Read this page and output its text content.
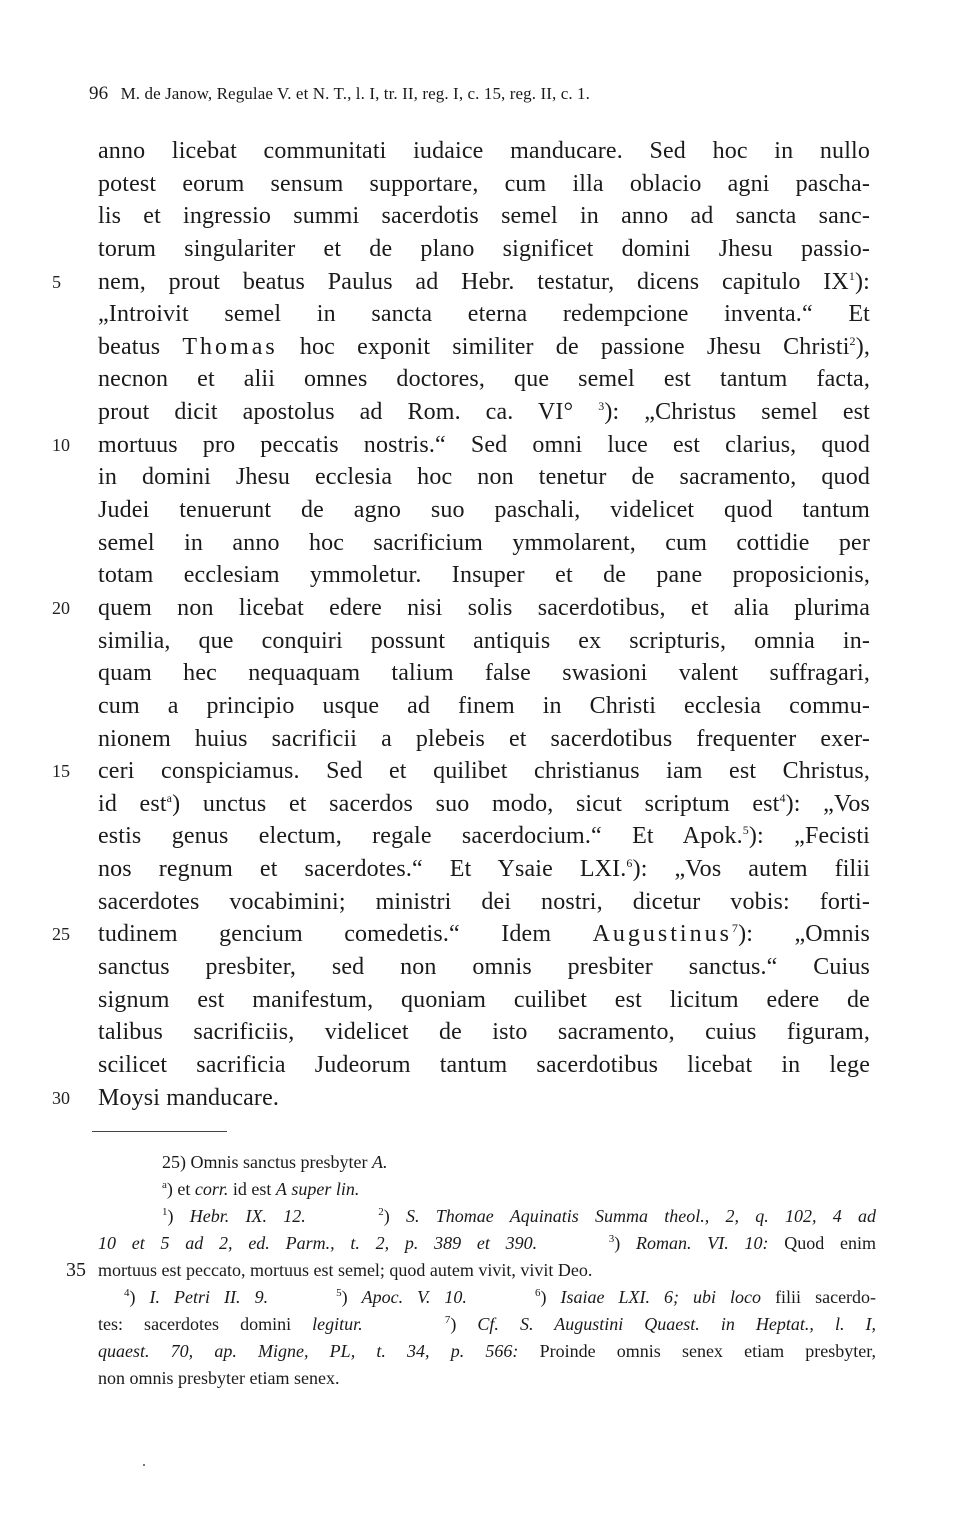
96 M. de Janow, Regulae V. et N. T., l. I, tr. II, reg. I, c. 15, reg. II, c. 1.
anno licebat communitati iudaice manducare. Sed hoc in nullo
potest eorum sensum supportare, cum illa oblacio agni pascha-
lis et ingressio summi sacerdotis semel in anno ad sancta sanc-
torum singulariter et de plano significet domini Jhesu passio-
5	nem, prout beatus Paulus ad Hebr. testatur, dicens capitulo $IX^1$):
„Introivit semel in sancta eterna redempcione inventa.“ Et
beatus Thomas hoc exponit similiter de passione Jhesu Christi$^2$),
necnon et alii omnes doctores, que semel est tantum facta,
prout dicit apostolus ad Rom. ca. VI° $^3$): „Christus semel est
10	mortuus pro peccatis nostris.“ Sed omni luce est clarius, quod
in domini Jhesu ecclesia hoc non tenetur de sacramento, quod
Judei tenuerunt de agno suo paschali, videlicet quod tantum
semel in anno hoc sacrificium ymmolarent, cum cottidie per
totam ecclesiam ymmoletur. Insuper et de pane proposicionis,
20	quem non licebat edere nisi solis sacerdotibus, et alia plurima
similia, que conquiri possunt antiquis ex scripturis, omnia in-
quam hec nequaquam talium false swasioni valent suffragari,
cum a principio usque ad finem in Christi ecclesia commu-
nionem huius sacrificii a plebeis et sacerdotibus frequenter exer-
15	ceri conspiciamus. Sed et quilibet christianus iam est Christus,
id est$^a$) unctus et sacerdos suo modo, sicut scriptum est$^4$): „Vos
estis genus electum, regale sacerdocium.“ Et Apok.$^5$): „Fecisti
nos regnum et sacerdotes.“ Et Ysaie LXI.$^6$): „Vos autem filii
sacerdotes vocabimini; ministri dei nostri, dicetur vobis: forti-
25	tudinem gencium comedetis.“ Idem Augustinus$^7$): „Omnis
sanctus presbiter, sed non omnis presbiter sanctus.“ Cuius
signum est manifestum, quoniam cuilibet est licitum edere de
talibus sacrificiis, videlicet de isto sacramento, cuius figuram,
scilicet sacrificia Judeorum tantum sacerdotibus licebat in lege
30	Moysi manducare.
25) Omnis sanctus presbyter A.
$^a$) et corr. id est A super lin.
$^1$) Hebr. IX. 12.	$^2$) S. Thomae Aquinatis Summa theol., 2, q. 102, 4 ad
10 et 5 ad 2, ed. Parm., t. 2, p. 389 et 390.	$^3$) Roman. VI. 10: Quod enim
35 mortuus est peccato, mortuus est semel; quod autem vivit, vivit Deo.
$^4$) I. Petri II. 9.	$^5$) Apoc. V. 10.	$^6$) Isaiae LXI. 6; ubi loco filii sacerdo-
tes: sacerdotes domini legitur.	$^7$) Cf. S. Augustini Quaest. in Heptat., l. I,
quaest. 70, ap. Migne, PL, t. 34, p. 566: Proinde omnis senex etiam presbyter,
non omnis presbyter etiam senex.
